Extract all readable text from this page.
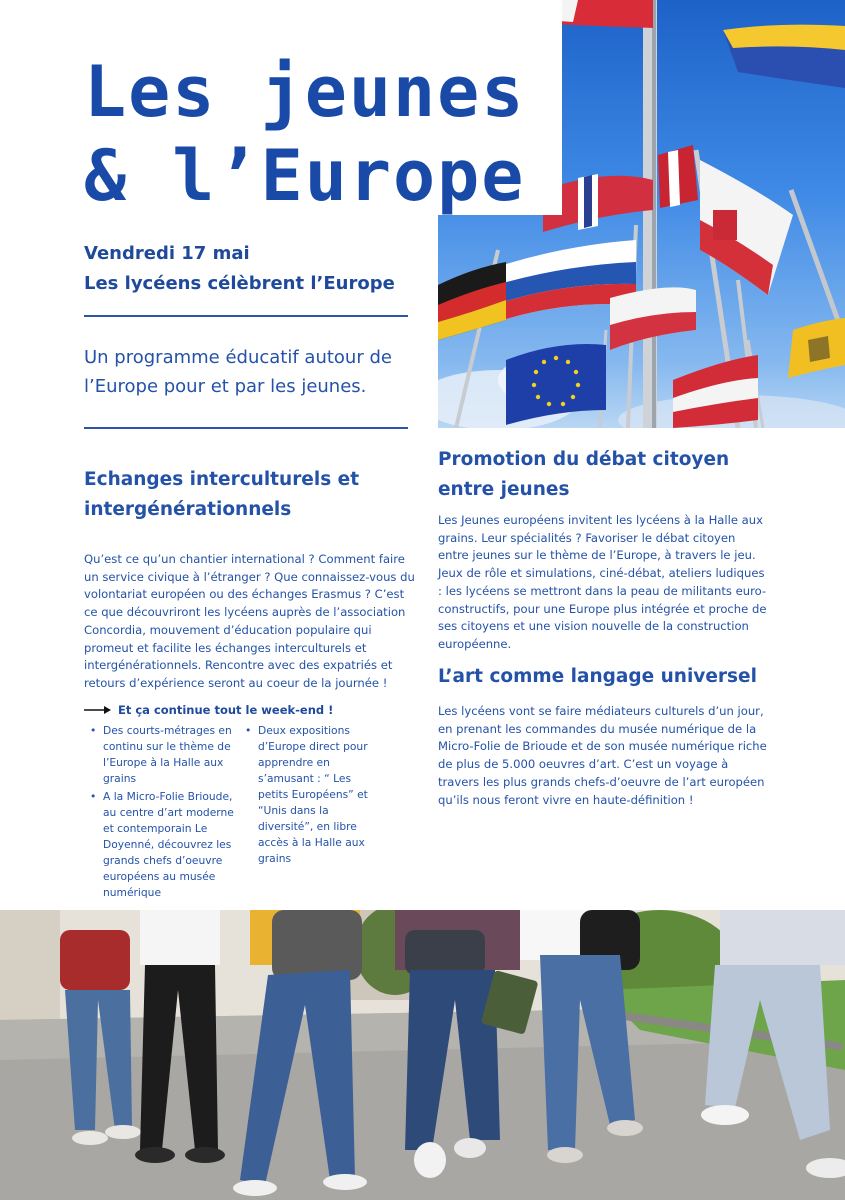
Les jeunes
& l’Europe
Vendredi 17 mai
Les lycéens célèbrent l’Europe

Un programme éducatif autour de l’Europe pour et par les jeunes.

Echanges interculturels et intergénérationnels

Qu’est ce qu’un chantier international ? Comment faire un service civique à l’étranger ? Que connaissez-vous du volontariat européen ou des échanges Erasmus ? C’est ce que découvriront les lycéens auprès de l’association Concordia, mouvement d’éducation populaire qui promeut et facilite les échanges interculturels et intergénérationnels. Rencontre avec des expatriés et retours d’expérience seront au coeur de la journée !

Promotion du débat citoyen entre jeunes

Les Jeunes européens invitent les lycéens à la Halle aux grains. Leur spécialités ? Favoriser le débat citoyen entre jeunes sur le thème de l’Europe, à travers le jeu. Jeux de rôle et simulations, ciné-débat, ateliers ludiques : les lycéens se mettront dans la peau de militants euro-constructifs, pour une Europe plus intégrée et proche de ses citoyens et une vision nouvelle de la construction européenne.

L’art comme langage universel

Les lycéens vont se faire médiateurs culturels d’un jour, en prenant les commandes du musée numérique de la Micro-Folie de Brioude et de son musée numérique riche de plus de 5.000 oeuvres d’art. C’est un voyage à travers les plus grands chefs-d’oeuvre de l’art européen qu’ils nous feront vivre en haute-définition !

Et ça continue tout le week-end !
• Des courts-métrages en continu sur le thème de l’Europe à la Halle aux grains
• A la Micro-Folie Brioude, au centre d’art moderne et contemporain Le Doyenné, découvrez les grands chefs d’oeuvre européens au musée numérique
• Deux expositions d’Europe direct pour apprendre en s’amusant : “ Les petits Européens” et “Unis dans la diversité”, en libre accès à la Halle aux grains
